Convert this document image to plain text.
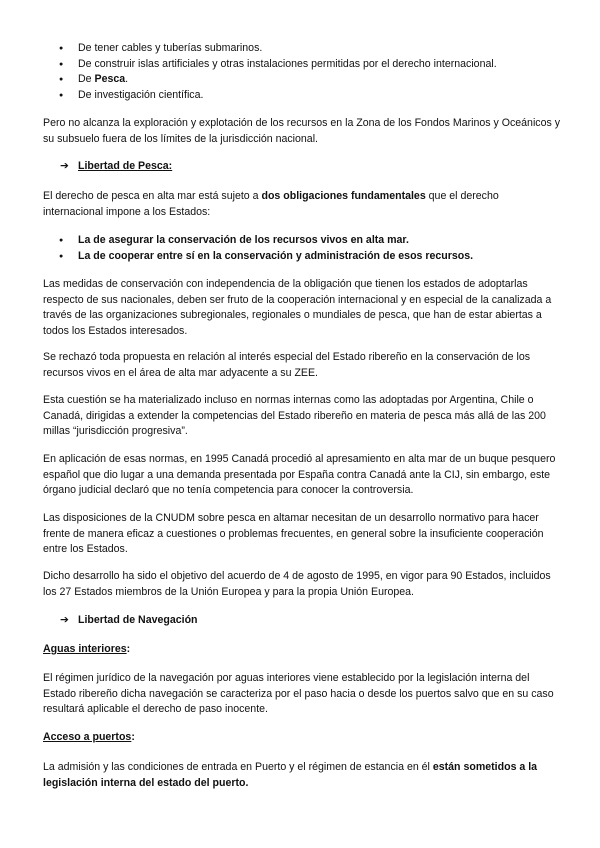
● De tener cables y tuberías submarinos.
● De construir islas artificiales y otras instalaciones permitidas por el derecho internacional.
● De Pesca.
● De investigación científica.

Pero no alcanza la exploración y explotación de los recursos en la Zona de los Fondos Marinos y Oceánicos y su subsuelo fuera de los límites de la jurisdicción nacional.

➔ Libertad de Pesca:

El derecho de pesca en alta mar está sujeto a dos obligaciones fundamentales que el derecho internacional impone a los Estados:

● La de asegurar la conservación de los recursos vivos en alta mar.
● La de cooperar entre sí en la conservación y administración de esos recursos.

Las medidas de conservación con independencia de la obligación que tienen los estados de adoptarlas respecto de sus nacionales, deben ser fruto de la cooperación internacional y en especial de la canalizada a través de las organizaciones subregionales, regionales o mundiales de pesca, que han de estar abiertas a todos los Estados interesados.

Se rechazó toda propuesta en relación al interés especial del Estado ribereño en la conservación de los recursos vivos en el área de alta mar adyacente a su ZEE.

Esta cuestión se ha materializado incluso en normas internas como las adoptadas por Argentina, Chile o Canadá, dirigidas a extender la competencias del Estado ribereño en materia de pesca más allá de las 200 millas “jurisdicción progresiva”.

En aplicación de esas normas, en 1995 Canadá procedió al apresamiento en alta mar de un buque pesquero español que dio lugar a una demanda presentada por España contra Canadá ante la CIJ, sin embargo, este órgano judicial declaró que no tenía competencia para conocer la controversia.

Las disposiciones de la CNUDM sobre pesca en altamar necesitan de un desarrollo normativo para hacer frente de manera eficaz a cuestiones o problemas frecuentes, en general sobre la insuficiente cooperación entre los Estados.

Dicho desarrollo ha sido el objetivo del acuerdo de 4 de agosto de 1995, en vigor para 90 Estados, incluidos los 27 Estados miembros de la Unión Europea y para la propia Unión Europea.

➔ Libertad de Navegación

Aguas interiores:

El régimen jurídico de la navegación por aguas interiores viene establecido por la legislación interna del Estado ribereño dicha navegación se caracteriza por el paso hacia o desde los puertos salvo que en su caso resultará aplicable el derecho de paso inocente.

Acceso a puertos:

La admisión y las condiciones de entrada en Puerto y el régimen de estancia en él están sometidos a la legislación interna del estado del puerto.
